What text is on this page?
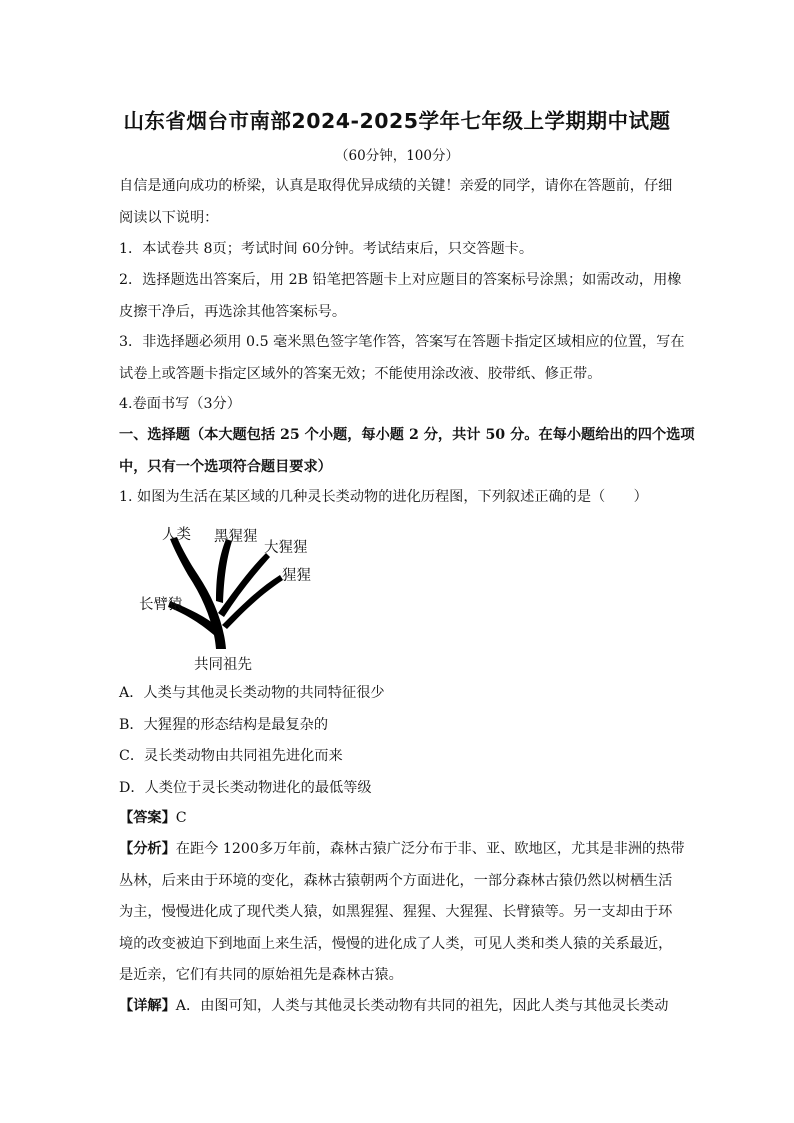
山东省烟台市南部2024-2025学年七年级上学期期中试题
（60分钟，100分）

自信是通向成功的桥梁，认真是取得优异成绩的关键！亲爱的同学，请你在答题前，仔细
阅读以下说明：

1．本试卷共 8页；考试时间 60分钟。考试结束后，只交答题卡。

2．选择题选出答案后，用 2B 铅笔把答题卡上对应题目的答案标号涂黑；如需改动，用橡
皮擦干净后，再选涂其他答案标号。

3．非选择题必须用 0.5 毫米黑色签字笔作答，答案写在答题卡指定区域相应的位置，写在
试卷上或答题卡指定区域外的答案无效；不能使用涂改液、胶带纸、修正带。

4.卷面书写（3分）

一、选择题（本大题包括 25 个小题，每小题 2 分，共计 50 分。在每小题给出的四个选项
中，只有一个选项符合题目要求）

1. 如图为生活在某区域的几种灵长类动物的进化历程图，下列叙述正确的是（　　）

人类 黑猩猩
大猩猩
猩猩
长臂猿
共同祖先

A．人类与其他灵长类动物的共同特征很少
B．大猩猩的形态结构是最复杂的
C．灵长类动物由共同祖先进化而来
D．人类位于灵长类动物进化的最低等级

【答案】C

【分析】在距今 1200多万年前，森林古猿广泛分布于非、亚、欧地区，尤其是非洲的热带
丛林，后来由于环境的变化，森林古猿朝两个方面进化，一部分森林古猿仍然以树栖生活
为主，慢慢进化成了现代类人猿，如黑猩猩、猩猩、大猩猩、长臂猿等。另一支却由于环
境的改变被迫下到地面上来生活，慢慢的进化成了人类，可见人类和类人猿的关系最近，
是近亲，它们有共同的原始祖先是森林古猿。

【详解】A．由图可知，人类与其他灵长类动物有共同的祖先，因此人类与其他灵长类动
